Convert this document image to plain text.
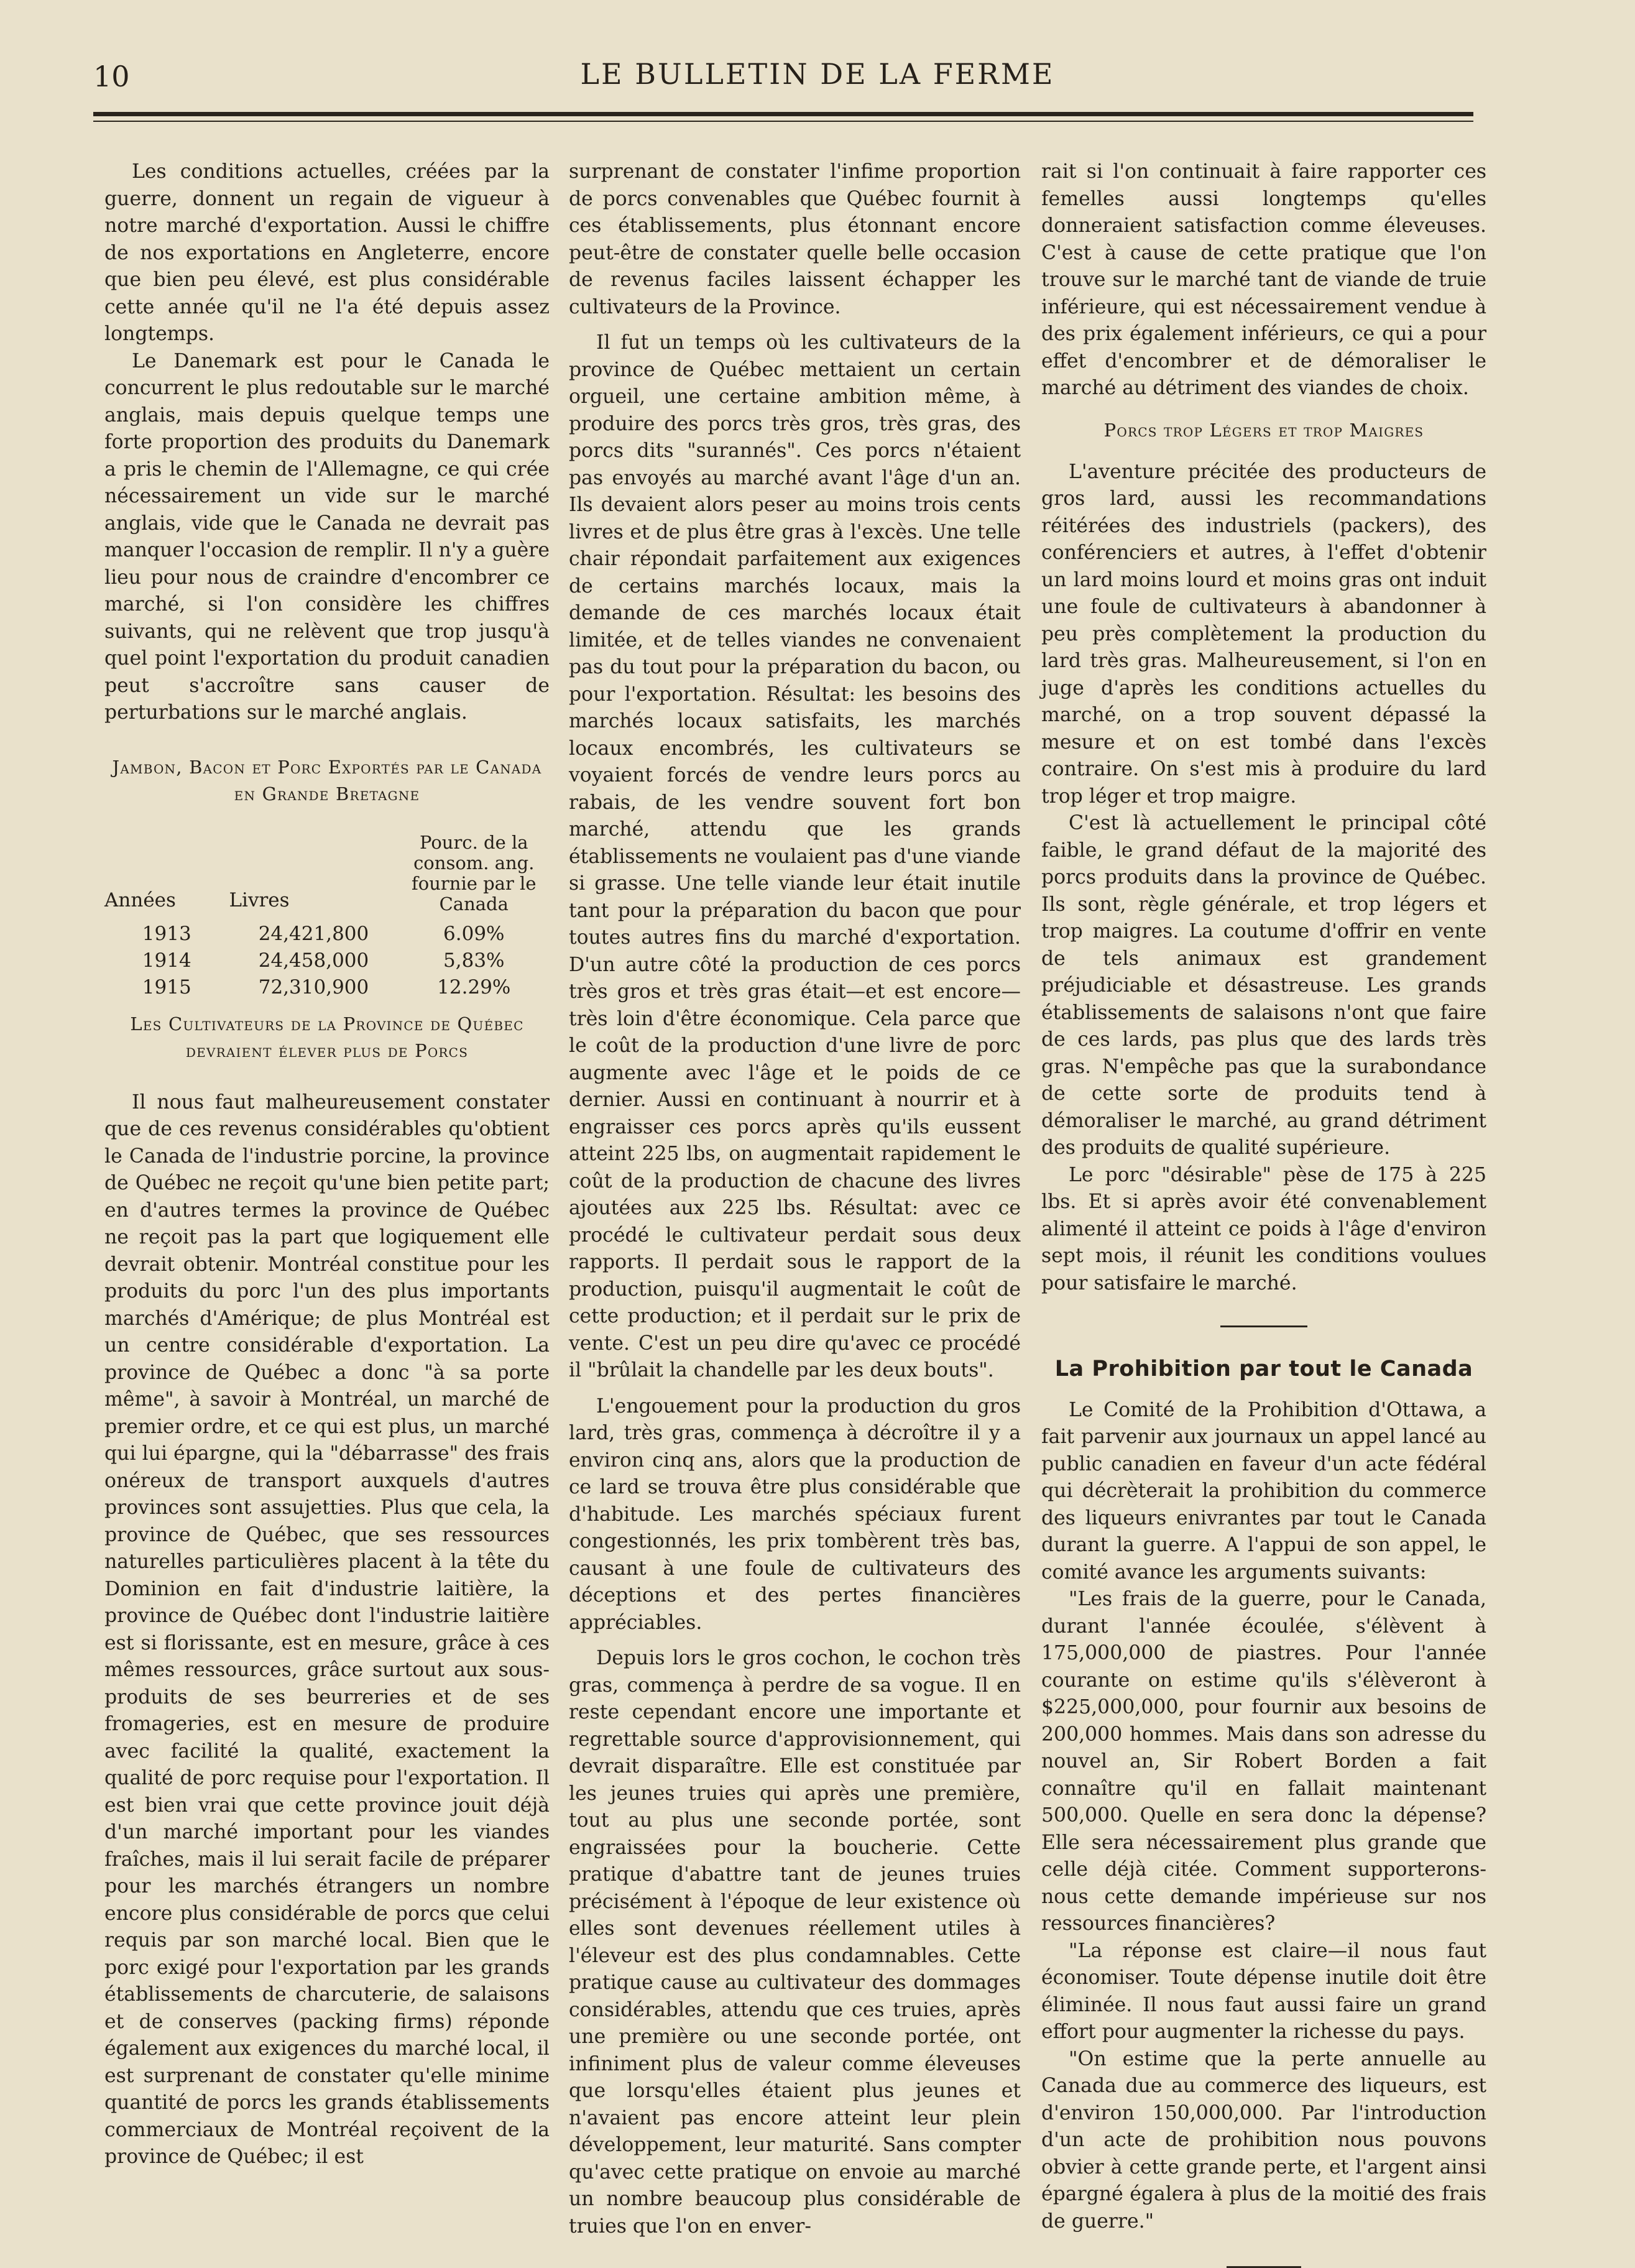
10	LE BULLETIN DE LA FERME

Les conditions actuelles, créées par la guerre, donnent un regain de vigueur à notre marché d'exportation. Aussi le chiffre de nos exportations en Angleterre, encore que bien peu élevé, est plus considérable cette année qu'il ne l'a été depuis assez longtemps.

Le Danemark est pour le Canada le concurrent le plus redoutable sur le marché anglais, mais depuis quelque temps une forte proportion des produits du Danemark a pris le chemin de l'Allemagne, ce qui crée nécessairement un vide sur le marché anglais, vide que le Canada ne devrait pas manquer l'occasion de remplir. Il n'y a guère lieu pour nous de craindre d'encombrer ce marché, si l'on considère les chiffres suivants, qui ne relèvent que trop jusqu'à quel point l'exportation du produit canadien peut s'accroître sans causer de perturbations sur le marché anglais.

Jambon, Bacon et Porc Exportés par le Canada en Grande Bretagne
Années	Livres	Pourc. de la consom. ang. fournie par le Canada
1913	24,421,800	6.09%
1914	24,458,000	5,83%
1915	72,310,900	12.29%
Les Cultivateurs de la Province de Québec devraient élever plus de Porcs

Il nous faut malheureusement constater que de ces revenus considérables qu'obtient le Canada de l'industrie porcine, la province de Québec ne reçoit qu'une bien petite part; en d'autres termes la province de Québec ne reçoit pas la part que logiquement elle devrait obtenir. Montréal constitue pour les produits du porc l'un des plus importants marchés d'Amérique; de plus Montréal est un centre considérable d'exportation. La province de Québec a donc "à sa porte même", à savoir à Montréal, un marché de premier ordre, et ce qui est plus, un marché qui lui épargne, qui la "débarrasse" des frais onéreux de transport auxquels d'autres provinces sont assujetties. Plus que cela, la province de Québec, que ses ressources naturelles particulières placent à la tête du Dominion en fait d'industrie laitière, la province de Québec dont l'industrie laitière est si florissante, est en mesure, grâce à ces mêmes ressources, grâce surtout aux sous-produits de ses beurreries et de ses fromageries, est en mesure de produire avec facilité la qualité, exactement la qualité de porc requise pour l'exportation. Il est bien vrai que cette province jouit déjà d'un marché important pour les viandes fraîches, mais il lui serait facile de préparer pour les marchés étrangers un nombre encore plus considérable de porcs que celui requis par son marché local. Bien que le porc exigé pour l'exportation par les grands établissements de charcuterie, de salaisons et de conserves (packing firms) réponde également aux exigences du marché local, il est surprenant de constater qu'elle minime quantité de porcs les grands établissements commerciaux de Montréal reçoivent de la province de Québec; il est

surprenant de constater l'infime proportion de porcs convenables que Québec fournit à ces établissements, plus étonnant encore peut-être de constater quelle belle occasion de revenus faciles laissent échapper les cultivateurs de la Province.

Il fut un temps où les cultivateurs de la province de Québec mettaient un certain orgueil, une certaine ambition même, à produire des porcs très gros, très gras, des porcs dits "surannés". Ces porcs n'étaient pas envoyés au marché avant l'âge d'un an. Ils devaient alors peser au moins trois cents livres et de plus être gras à l'excès. Une telle chair répondait parfaitement aux exigences de certains marchés locaux, mais la demande de ces marchés locaux était limitée, et de telles viandes ne convenaient pas du tout pour la préparation du bacon, ou pour l'exportation. Résultat: les besoins des marchés locaux satisfaits, les marchés locaux encombrés, les cultivateurs se voyaient forcés de vendre leurs porcs au rabais, de les vendre souvent fort bon marché, attendu que les grands établissements ne voulaient pas d'une viande si grasse. Une telle viande leur était inutile tant pour la préparation du bacon que pour toutes autres fins du marché d'exportation. D'un autre côté la production de ces porcs très gros et très gras était—et est encore—très loin d'être économique. Cela parce que le coût de la production d'une livre de porc augmente avec l'âge et le poids de ce dernier. Aussi en continuant à nourrir et à engraisser ces porcs après qu'ils eussent atteint 225 lbs, on augmentait rapidement le coût de la production de chacune des livres ajoutées aux 225 lbs. Résultat: avec ce procédé le cultivateur perdait sous deux rapports. Il perdait sous le rapport de la production, puisqu'il augmentait le coût de cette production; et il perdait sur le prix de vente. C'est un peu dire qu'avec ce procédé il "brûlait la chandelle par les deux bouts".

L'engouement pour la production du gros lard, très gras, commença à décroître il y a environ cinq ans, alors que la production de ce lard se trouva être plus considérable que d'habitude. Les marchés spéciaux furent congestionnés, les prix tombèrent très bas, causant à une foule de cultivateurs des déceptions et des pertes financières appréciables.

Depuis lors le gros cochon, le cochon très gras, commença à perdre de sa vogue. Il en reste cependant encore une importante et regrettable source d'approvisionnement, qui devrait disparaître. Elle est constituée par les jeunes truies qui après une première, tout au plus une seconde portée, sont engraissées pour la boucherie. Cette pratique d'abattre tant de jeunes truies précisément à l'époque de leur existence où elles sont devenues réellement utiles à l'éleveur est des plus condamnables. Cette pratique cause au cultivateur des dommages considérables, attendu que ces truies, après une première ou une seconde portée, ont infiniment plus de valeur comme éleveuses que lorsqu'elles étaient plus jeunes et n'avaient pas encore atteint leur plein développement, leur maturité. Sans compter qu'avec cette pratique on envoie au marché un nombre beaucoup plus considérable de truies que l'on en enver-

rait si l'on continuait à faire rapporter ces femelles aussi longtemps qu'elles donneraient satisfaction comme éleveuses. C'est à cause de cette pratique que l'on trouve sur le marché tant de viande de truie inférieure, qui est nécessairement vendue à des prix également inférieurs, ce qui a pour effet d'encombrer et de démoraliser le marché au détriment des viandes de choix.

Porcs trop Légers et trop Maigres

L'aventure précitée des producteurs de gros lard, aussi les recommandations réitérées des industriels (packers), des conférenciers et autres, à l'effet d'obtenir un lard moins lourd et moins gras ont induit une foule de cultivateurs à abandonner à peu près complètement la production du lard très gras. Malheureusement, si l'on en juge d'après les conditions actuelles du marché, on a trop souvent dépassé la mesure et on est tombé dans l'excès contraire. On s'est mis à produire du lard trop léger et trop maigre.

C'est là actuellement le principal côté faible, le grand défaut de la majorité des porcs produits dans la province de Québec. Ils sont, règle générale, et trop légers et trop maigres. La coutume d'offrir en vente de tels animaux est grandement préjudiciable et désastreuse. Les grands établissements de salaisons n'ont que faire de ces lards, pas plus que des lards très gras. N'empêche pas que la surabondance de cette sorte de produits tend à démoraliser le marché, au grand détriment des produits de qualité supérieure.

Le porc "désirable" pèse de 175 à 225 lbs. Et si après avoir été convenablement alimenté il atteint ce poids à l'âge d'environ sept mois, il réunit les conditions voulues pour satisfaire le marché.

La Prohibition par tout le Canada

Le Comité de la Prohibition d'Ottawa, a fait parvenir aux journaux un appel lancé au public canadien en faveur d'un acte fédéral qui décrèterait la prohibition du commerce des liqueurs enivrantes par tout le Canada durant la guerre. A l'appui de son appel, le comité avance les arguments suivants:

"Les frais de la guerre, pour le Canada, durant l'année écoulée, s'élèvent à 175,000,000 de piastres. Pour l'année courante on estime qu'ils s'élèveront à $225,000,000, pour fournir aux besoins de 200,000 hommes. Mais dans son adresse du nouvel an, Sir Robert Borden a fait connaître qu'il en fallait maintenant 500,000. Quelle en sera donc la dépense? Elle sera nécessairement plus grande que celle déjà citée. Comment supporterons-nous cette demande impérieuse sur nos ressources financières?

"La réponse est claire—il nous faut économiser. Toute dépense inutile doit être éliminée. Il nous faut aussi faire un grand effort pour augmenter la richesse du pays.

"On estime que la perte annuelle au Canada due au commerce des liqueurs, est d'environ 150,000,000. Par l'introduction d'un acte de prohibition nous pouvons obvier à cette grande perte, et l'argent ainsi épargné égalera à plus de la moitié des frais de guerre."
